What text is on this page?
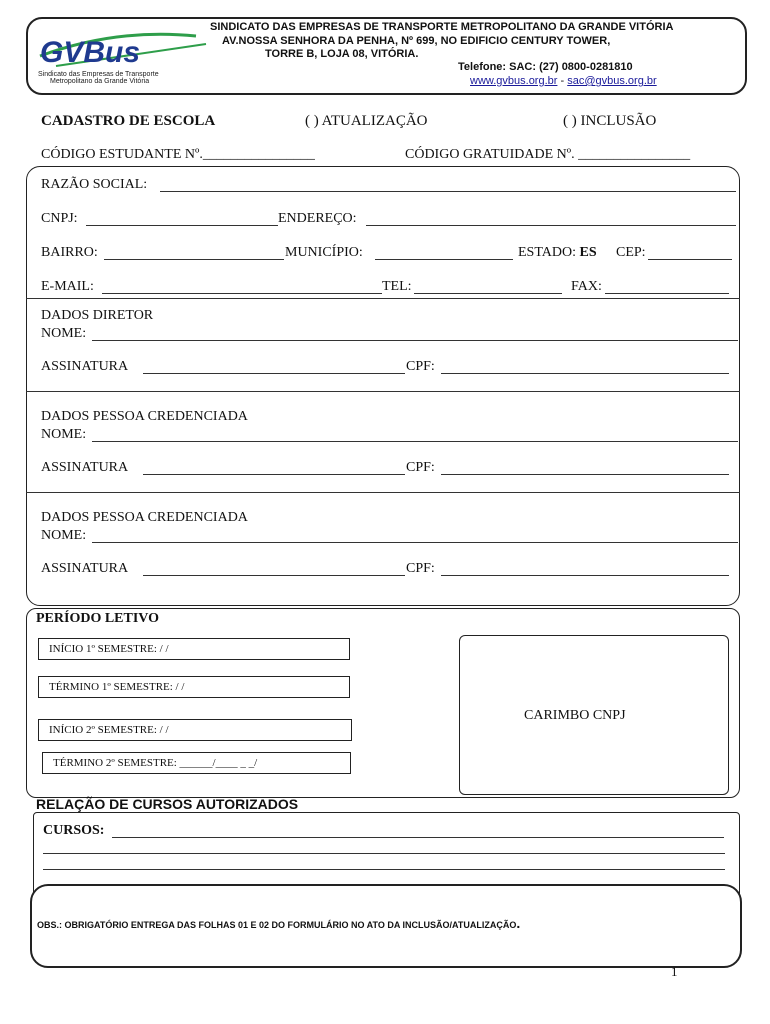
GVBus
Sindicato das Empresas de Transporte
Metropolitano da Grande Vitória
SINDICATO DAS EMPRESAS DE TRANSPORTE METROPOLITANO DA GRANDE VITÓRIA
AV.NOSSA SENHORA DA PENHA, Nº 699, NO EDIFICIO CENTURY TOWER,
TORRE B, LOJA 08, VITÓRIA.
Telefone: SAC: (27) 0800-0281810
www.gvbus.org.br - sac@gvbus.org.br
CADASTRO DE ESCOLA	( ) ATUALIZAÇÃO	( ) INCLUSÃO
CÓDIGO ESTUDANTE Nº.________________	CÓDIGO GRATUIDADE Nº. ________________
RAZÃO SOCIAL:
CNPJ:	ENDEREÇO:
BAIRRO:	MUNICÍPIO:	ESTADO: ES CEP:
E-MAIL:	TEL:	FAX:
DADOS DIRETOR
NOME:
ASSINATURA	CPF:
DADOS PESSOA CREDENCIADA
NOME:
ASSINATURA	CPF:
DADOS PESSOA CREDENCIADA
NOME:
ASSINATURA	CPF:
PERÍODO LETIVO
INÍCIO 1º SEMESTRE: / /
TÉRMINO 1º SEMESTRE: / /
INÍCIO 2º SEMESTRE: / /
TÉRMINO 2º SEMESTRE: ______/____ _ _/
CARIMBO CNPJ
RELAÇÃO DE CURSOS AUTORIZADOS
CURSOS:
OBS.: OBRIGATÓRIO ENTREGA DAS FOLHAS 01 E 02 DO FORMULÁRIO NO ATO DA INCLUSÃO/ATUALIZAÇÃO.
1
